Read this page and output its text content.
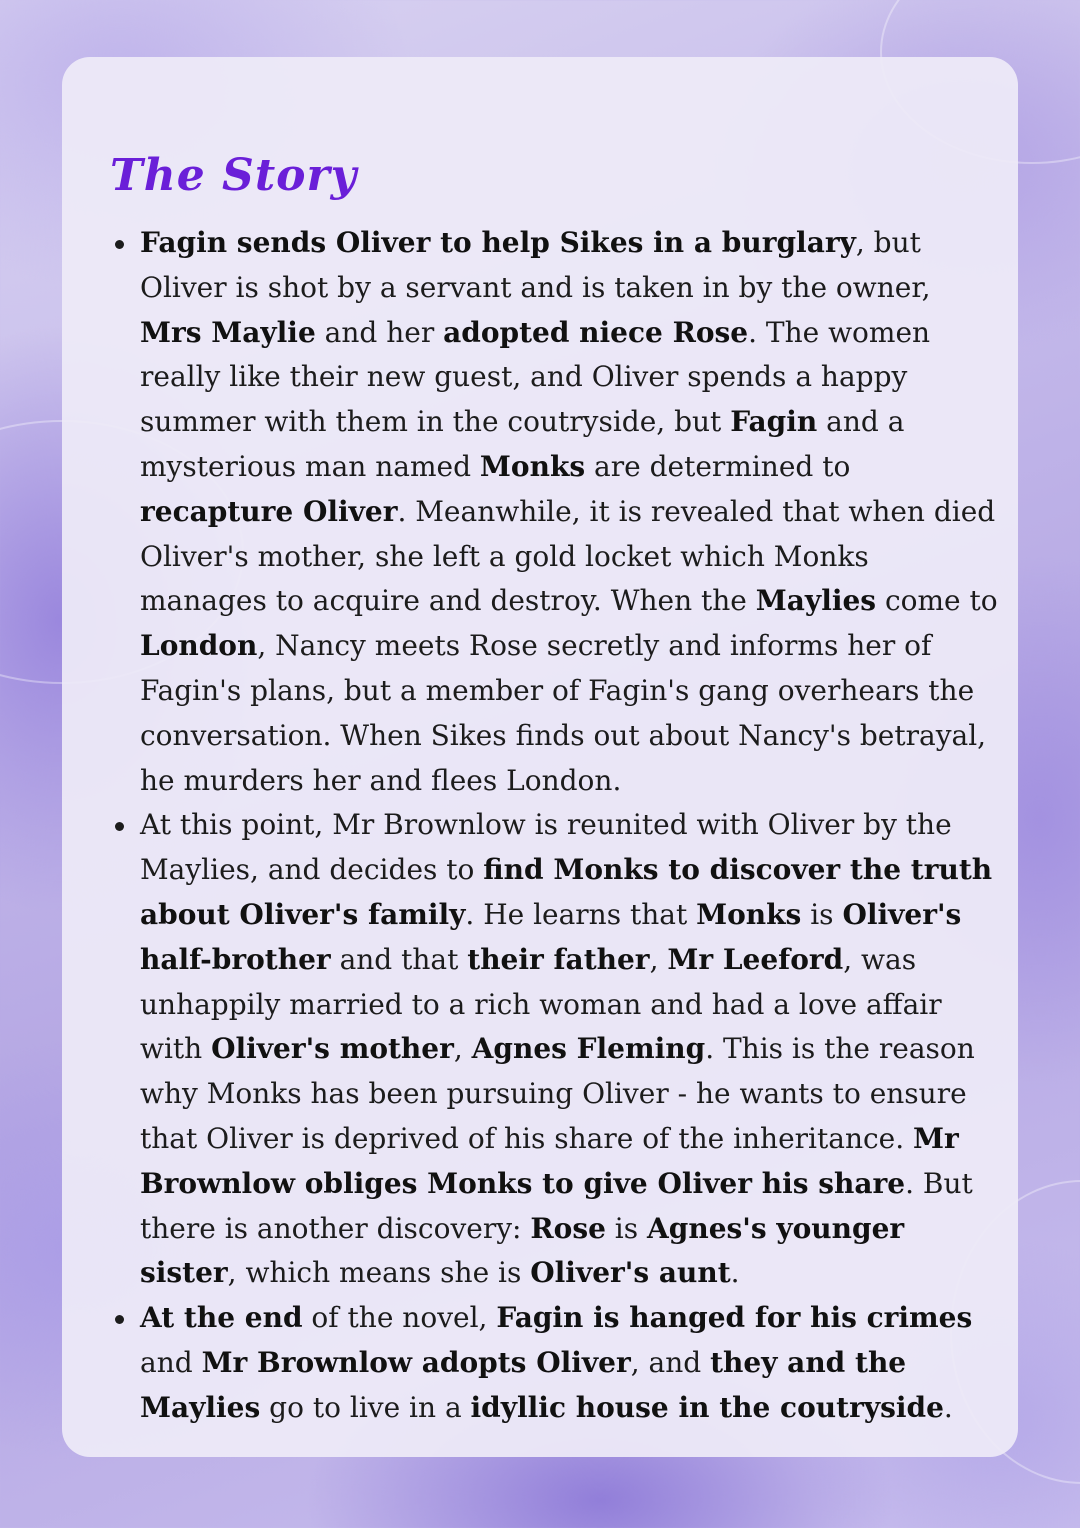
The Story
Fagin sends Oliver to help Sikes in a burglary, but Oliver is shot by a servant and is taken in by the owner, Mrs Maylie and her adopted niece Rose. The women really like their new guest, and Oliver spends a happy summer with them in the coutryside, but Fagin and a mysterious man named Monks are determined to recapture Oliver. Meanwhile, it is revealed that when died Oliver's mother, she left a gold locket which Monks manages to acquire and destroy. When the Maylies come to London, Nancy meets Rose secretly and informs her of Fagin's plans, but a member of Fagin's gang overhears the conversation. When Sikes finds out about Nancy's betrayal, he murders her and flees London.
At this point, Mr Brownlow is reunited with Oliver by the Maylies, and decides to find Monks to discover the truth about Oliver's family. He learns that Monks is Oliver's half-brother and that their father, Mr Leeford, was unhappily married to a rich woman and had a love affair with Oliver's mother, Agnes Fleming. This is the reason why Monks has been pursuing Oliver - he wants to ensure that Oliver is deprived of his share of the inheritance. Mr Brownlow obliges Monks to give Oliver his share. But there is another discovery: Rose is Agnes's younger sister, which means she is Oliver's aunt.
At the end of the novel, Fagin is hanged for his crimes and Mr Brownlow adopts Oliver, and they and the Maylies go to live in a idyllic house in the coutryside.
